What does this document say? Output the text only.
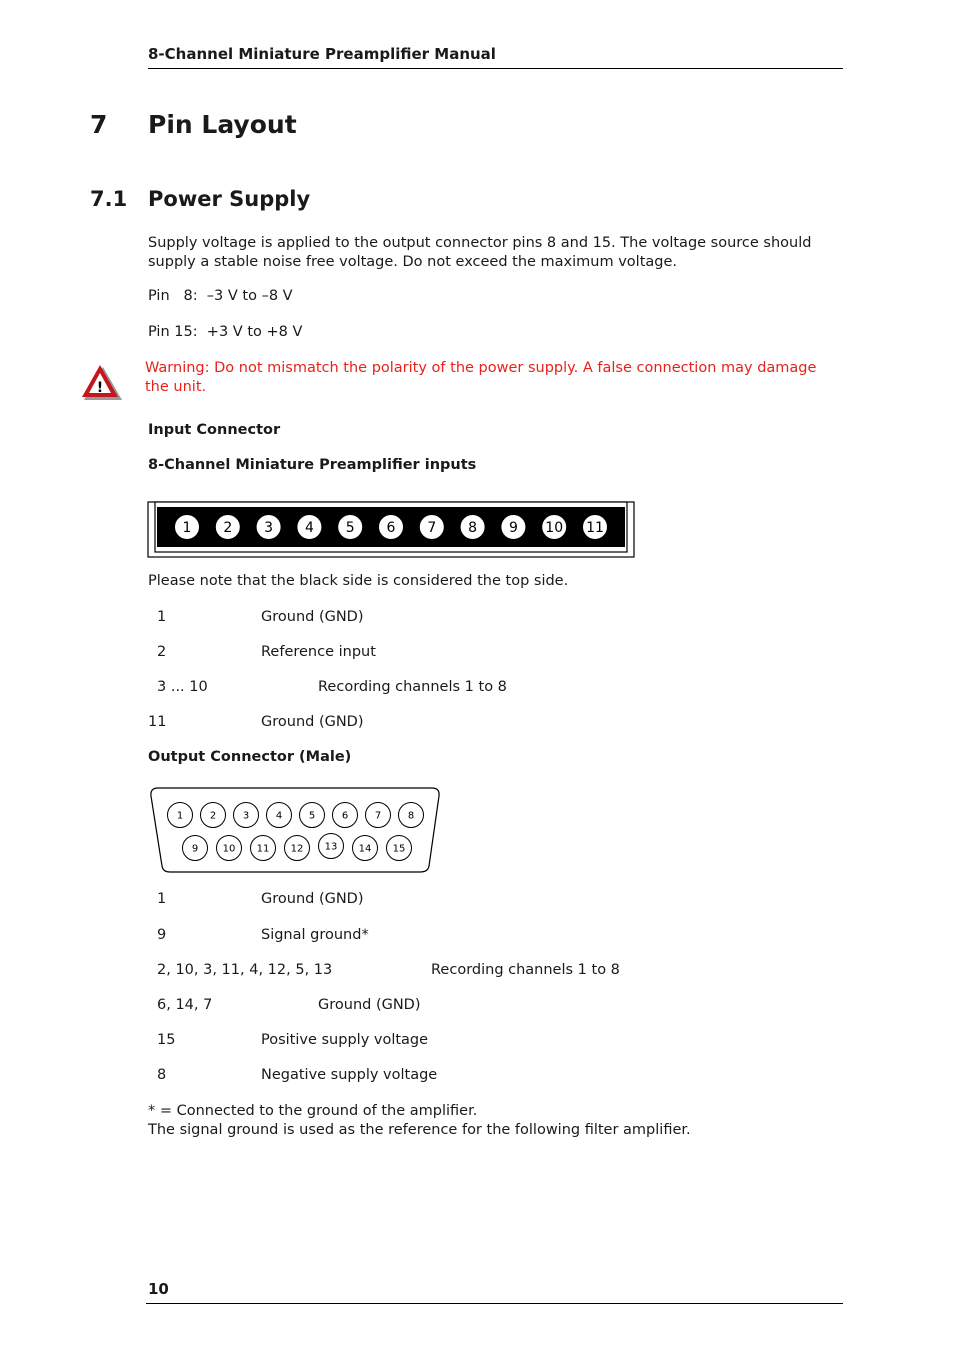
8-Channel Miniature Preamplifier Manual
7 Pin Layout
7.1 Power Supply
Supply voltage is applied to the output connector pins 8 and 15. The voltage source should supply a stable noise free voltage. Do not exceed the maximum voltage.
Pin   8:  –3 V to –8 V
Pin 15:  +3 V to +8 V
!
Warning: Do not mismatch the polarity of the power supply. A false connection may damage the unit.
Input Connector
8-Channel Miniature Preamplifier inputs
1 2 3 4 5 6 7 8 9 10 11
Please note that the black side is considered the top side.
1	Ground (GND)
2	Reference input
3 ... 10	Recording channels 1 to 8
11	Ground (GND)
Output Connector (Male)
1	2	3	4	5	6	7	8
9 10 11 12 13 14 15
1	Ground (GND)
9	Signal ground*
2, 10, 3, 11, 4, 12, 5, 13	Recording channels 1 to 8
6, 14, 7	Ground (GND)
15	Positive supply voltage
8	Negative supply voltage
* = Connected to the ground of the amplifier.
The signal ground is used as the reference for the following filter amplifier.
10
